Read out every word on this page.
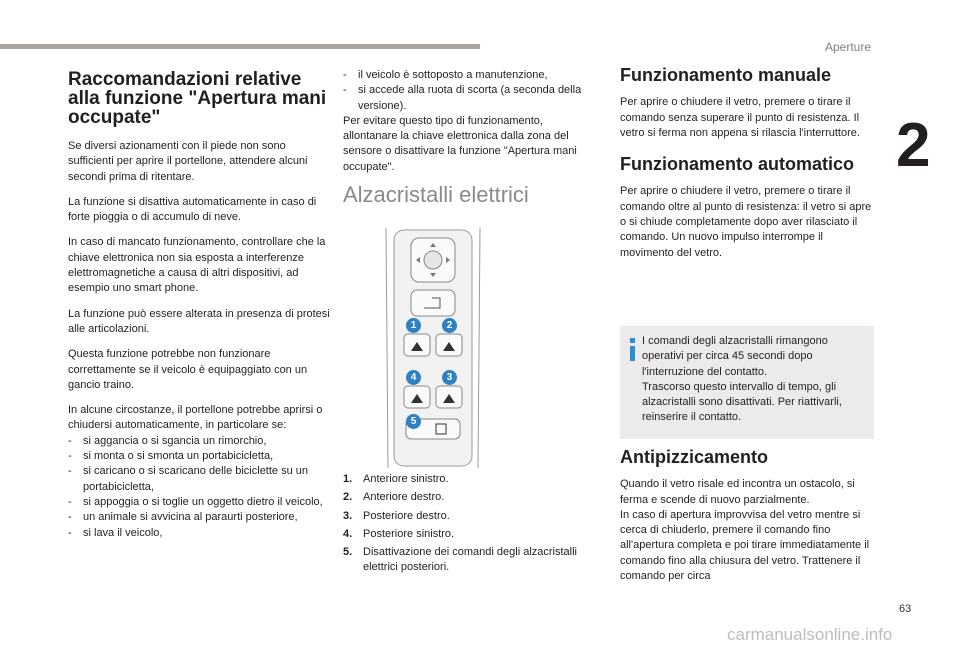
Aperture
2
Raccomandazioni relative alla funzione "Apertura mani occupate"

Se diversi azionamenti con il piede non sono sufficienti per aprire il portellone, attendere alcuni secondi prima di ritentare.

La funzione si disattiva automaticamente in caso di forte pioggia o di accumulo di neve.

In caso di mancato funzionamento, controllare che la chiave elettronica non sia esposta a interferenze elettromagnetiche a causa di altri dispositivi, ad esempio uno smart phone.

La funzione può essere alterata in presenza di protesi alle articolazioni.

Questa funzione potrebbe non funzionare correttamente se il veicolo è equipaggiato con un gancio traino.

In alcune circostanze, il portellone potrebbe aprirsi o chiudersi automaticamente, in particolare se:

- si aggancia o si sgancia un rimorchio,
- si monta o si smonta un portabicicletta,
- si caricano o si scaricano delle biciclette su un portabicicletta,
- si appoggia o si toglie un oggetto dietro il veicolo,
- un animale si avvicina al paraurti posteriore,
- si lava il veicolo,
- il veicolo è sottoposto a manutenzione,
- si accede alla ruota di scorta (a seconda della versione).

Per evitare questo tipo di funzionamento, allontanare la chiave elettronica dalla zona del sensore o disattivare la funzione "Apertura mani occupate".

Alzacristalli elettrici
1	2
3
4
5
1. Anteriore sinistro.
2. Anteriore destro.
3. Posteriore destro.
4. Posteriore sinistro.
5. Disattivazione dei comandi degli alzacristalli elettrici posteriori.
Funzionamento manuale

Per aprire o chiudere il vetro, premere o tirare il comando senza superare il punto di resistenza. Il vetro si ferma non appena si rilascia l'interruttore.

Funzionamento automatico

Per aprire o chiudere il vetro, premere o tirare il comando oltre al punto di resistenza: il vetro si apre o si chiude completamente dopo aver rilasciato il comando. Un nuovo impulso interrompe il movimento del vetro.

I comandi degli alzacristalli rimangono operativi per circa 45 secondi dopo l'interruzione del contatto.
Trascorso questo intervallo di tempo, gli alzacristalli sono disattivati. Per riattivarli, reinserire il contatto.
Antipizzicamento
Quando il vetro risale ed incontra un ostacolo, si ferma e scende di nuovo parzialmente.
In caso di apertura improvvisa del vetro mentre si cerca di chiuderlo, premere il comando fino all'apertura completa e poi tirare immediatamente il comando fino alla chiusura del vetro. Trattenere il comando per circa
63
carmanualsonline.info
